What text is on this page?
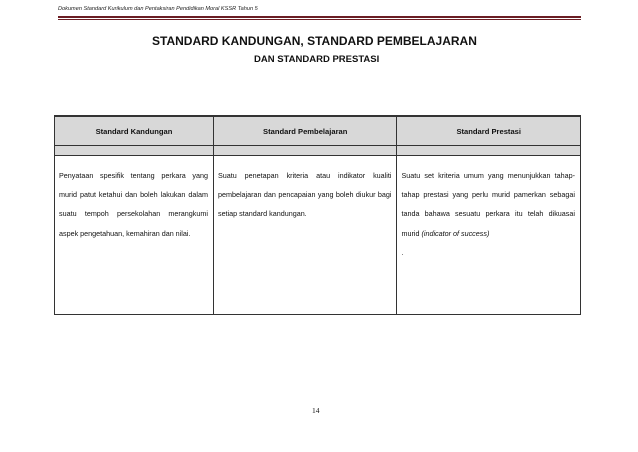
Dokumen Standard Kurikulum dan Pentaksiran Pendidikan Moral KSSR Tahun 5
STANDARD KANDUNGAN, STANDARD PEMBELAJARAN
DAN STANDARD PRESTASI
Standard Kandungan	Standard Pembelajaran	Standard Prestasi

Penyataan spesifik tentang perkara yang murid patut ketahui dan boleh lakukan dalam suatu tempoh persekolahan merangkumi aspek pengetahuan, kemahiran dan nilai.	Suatu penetapan kriteria atau indikator kualiti pembelajaran dan pencapaian yang boleh diukur bagi setiap standard kandungan.	Suatu set kriteria umum yang menunjukkan tahap-tahap prestasi yang perlu murid pamerkan sebagai tanda bahawa sesuatu perkara itu telah dikuasai murid (indicator of success)
.
14
